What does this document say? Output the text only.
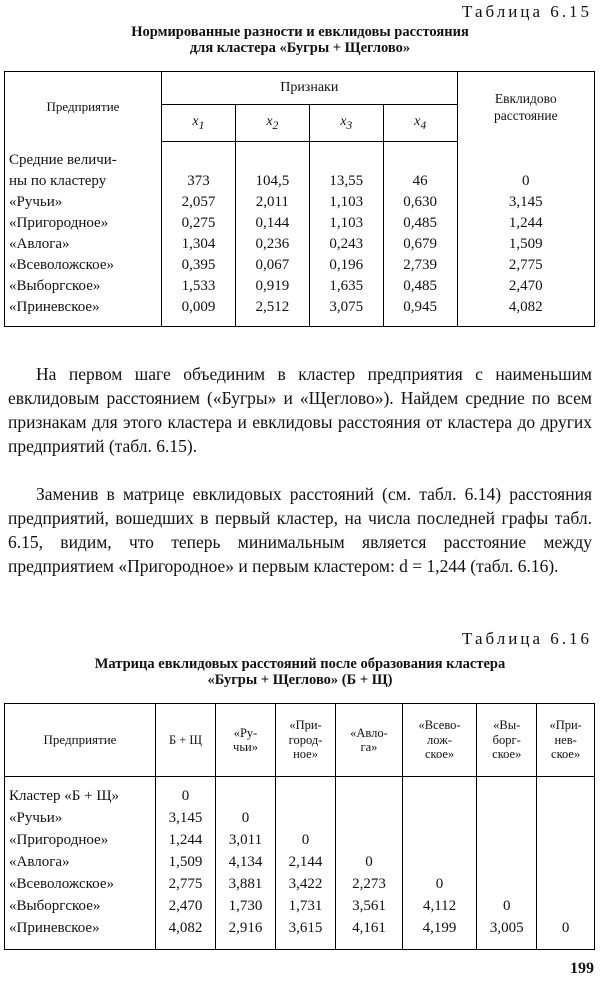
Таблица 6.15
Нормированные разности и евклидовы расстояния
для кластера «Бугры + Щеглово»
Предприятие	Признаки				Евклидово
расстояние
	$x_1$	$x_2$	$x_3$	$x_4$
Средние величи-					
ны по кластеру	373	104,5	13,55	46	0
«Ручьи»	2,057	2,011	1,103	0,630	3,145
«Пригородное»	0,275	0,144	1,103	0,485	1,244
«Авлога»	1,304	0,236	0,243	0,679	1,509
«Всеволожское»	0,395	0,067	0,196	2,739	2,775
«Выборгское»	1,533	0,919	1,635	0,485	2,470
«Приневское»	0,009	2,512	3,075	0,945	4,082

На первом шаге объединим в кластер предприятия с наименьшим евклидовым расстоянием («Бугры» и «Щеглово»). Найдем средние по всем признакам для этого кластера и евклидовы расстояния от кластера до других предприятий (табл. 6.15).

Заменив в матрице евклидовых расстояний (см. табл. 6.14) расстояния предприятий, вошедших в первый кластер, на числа последней графы табл. 6.15, видим, что теперь минимальным является расстояние между предприятием «Пригородное» и первым кластером: d = 1,244 (табл. 6.16).

Таблица 6.16
Матрица евклидовых расстояний после образования кластера
«Бугры + Щеглово» (Б + Щ)
Предприятие	Б + Щ	«Ру-
чьи»	«При-
город-
ное»	«Авло-
га»	«Всево-
лож-
ское»	«Вы-
борг-
ское»	«При-
нев-
ское»
Кластер «Б + Щ»	0						
«Ручьи»	3,145	0					
«Пригородное»	1,244	3,011	0				
«Авлога»	1,509	4,134	2,144	0			
«Всеволожское»	2,775	3,881	3,422	2,273	0		
«Выборгское»	2,470	1,730	1,731	3,561	4,112	0	
«Приневское»	4,082	2,916	3,615	4,161	4,199	3,005	0
199
